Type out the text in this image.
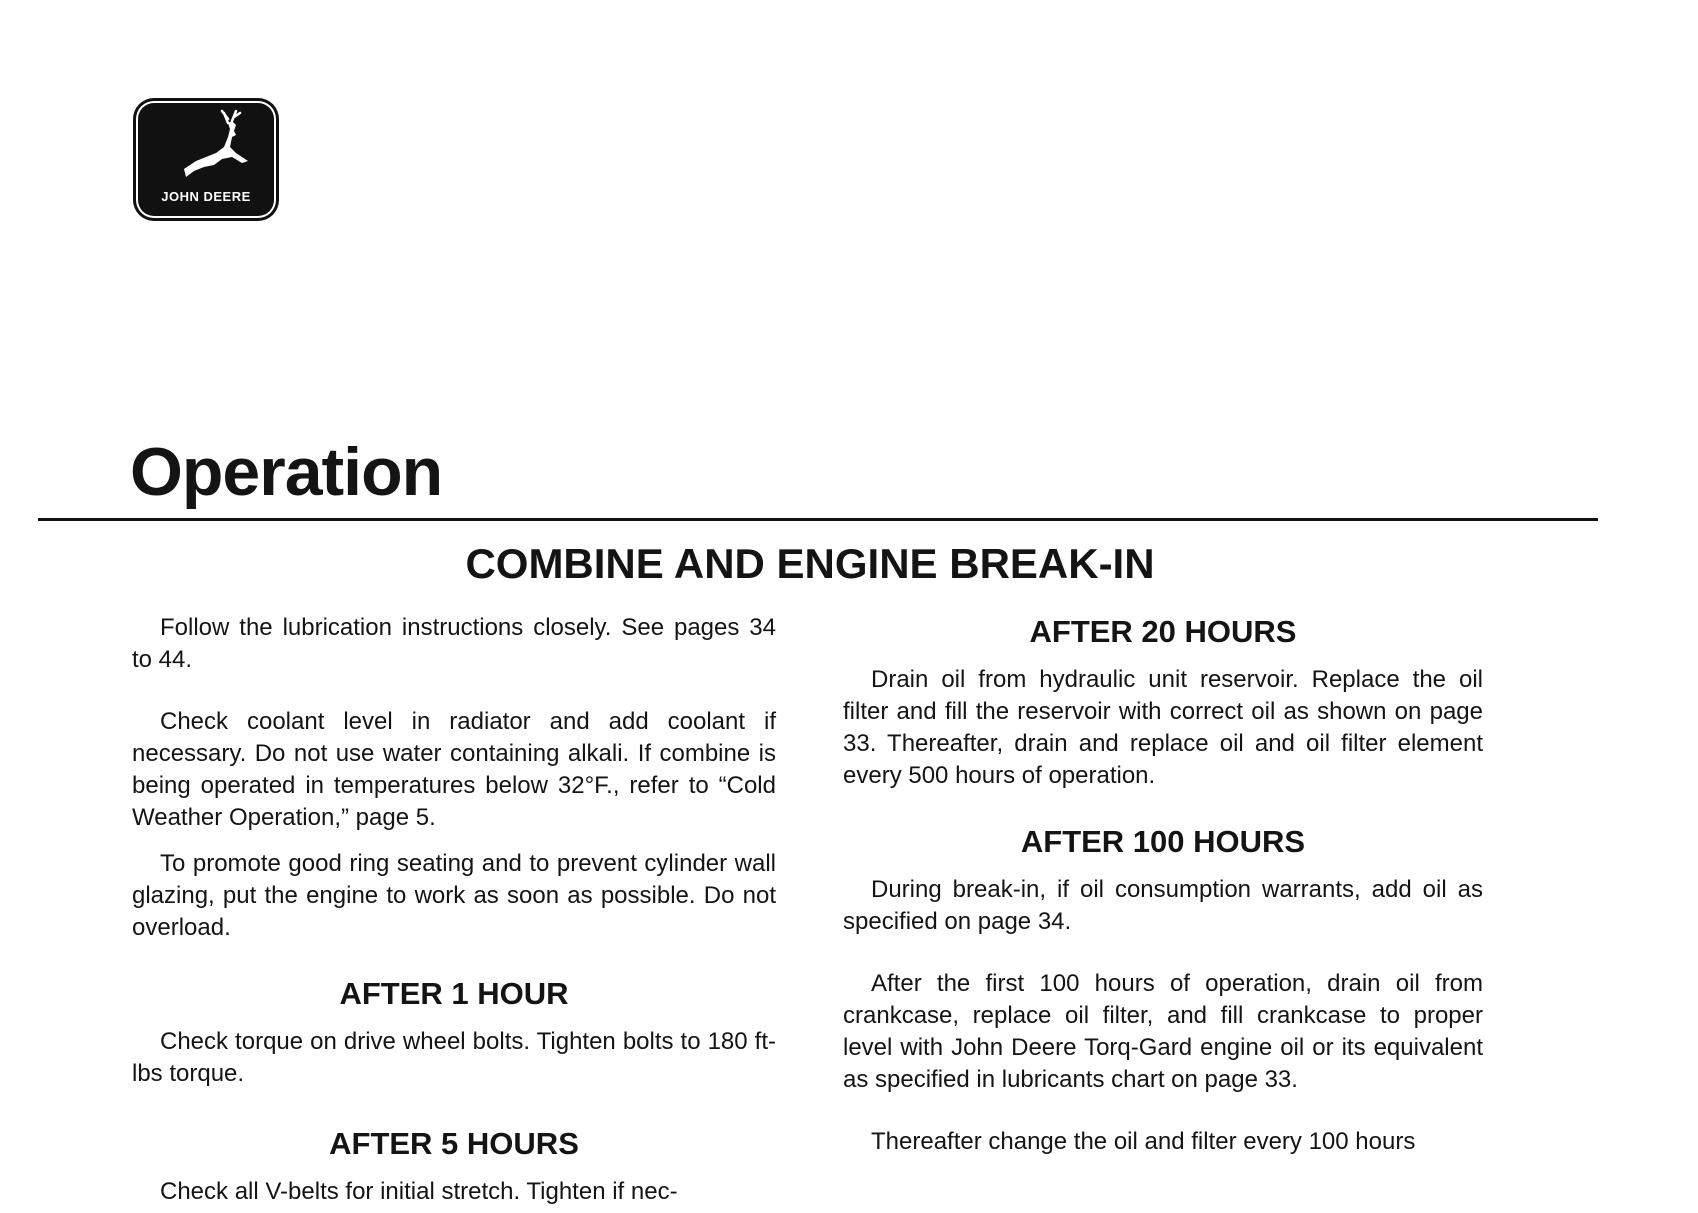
JOHN DEERE
Operation
COMBINE AND ENGINE BREAK-IN

Follow the lubrication instructions closely. See pages 34 to 44.

Check coolant level in radiator and add coolant if necessary. Do not use water containing alkali. If combine is being operated in temperatures below 32°F., refer to “Cold Weather Operation,” page 5.

To promote good ring seating and to prevent cylinder wall glazing, put the engine to work as soon as possible. Do not overload.

AFTER 1 HOUR

Check torque on drive wheel bolts. Tighten bolts to 180 ft-lbs torque.

AFTER 5 HOURS

Check all V-belts for initial stretch. Tighten if nec-

AFTER 20 HOURS

Drain oil from hydraulic unit reservoir. Replace the oil filter and fill the reservoir with correct oil as shown on page 33. Thereafter, drain and replace oil and oil filter element every 500 hours of operation.

AFTER 100 HOURS

During break-in, if oil consumption warrants, add oil as specified on page 34.

After the first 100 hours of operation, drain oil from crankcase, replace oil filter, and fill crankcase to proper level with John Deere Torq-Gard engine oil or its equivalent as specified in lubricants chart on page 33.

Thereafter change the oil and filter every 100 hours
